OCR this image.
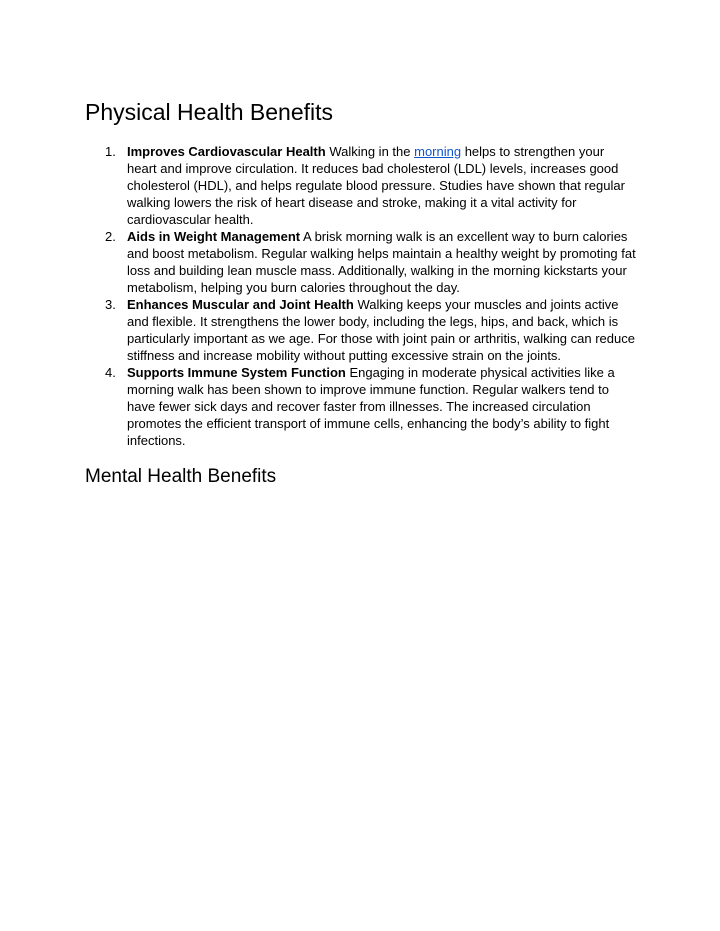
Physical Health Benefits
1. Improves Cardiovascular Health Walking in the morning helps to strengthen your heart and improve circulation. It reduces bad cholesterol (LDL) levels, increases good cholesterol (HDL), and helps regulate blood pressure. Studies have shown that regular walking lowers the risk of heart disease and stroke, making it a vital activity for cardiovascular health.
2. Aids in Weight Management A brisk morning walk is an excellent way to burn calories and boost metabolism. Regular walking helps maintain a healthy weight by promoting fat loss and building lean muscle mass. Additionally, walking in the morning kickstarts your metabolism, helping you burn calories throughout the day.
3. Enhances Muscular and Joint Health Walking keeps your muscles and joints active and flexible. It strengthens the lower body, including the legs, hips, and back, which is particularly important as we age. For those with joint pain or arthritis, walking can reduce stiffness and increase mobility without putting excessive strain on the joints.
4. Supports Immune System Function Engaging in moderate physical activities like a morning walk has been shown to improve immune function. Regular walkers tend to have fewer sick days and recover faster from illnesses. The increased circulation promotes the efficient transport of immune cells, enhancing the body’s ability to fight infections.
Mental Health Benefits
